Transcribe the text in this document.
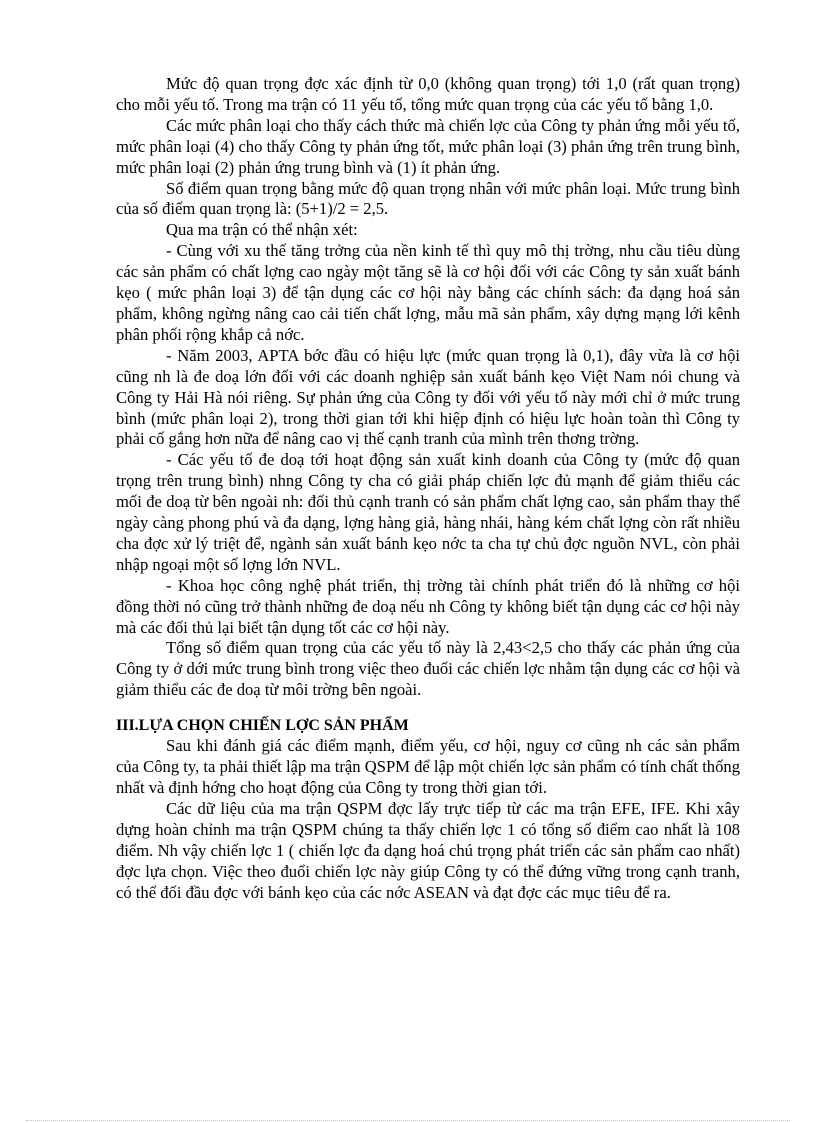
Mức độ quan trọng đợc xác định từ 0,0 (không quan trọng) tới 1,0 (rất quan trọng) cho mỗi yếu tố. Trong ma trận có 11 yếu tố, tổng mức quan trọng của các yếu tố bằng 1,0.

Các mức phân loại cho thấy cách thức mà chiến lợc của Công ty phản ứng mỗi yếu tố, mức phân loại (4) cho thấy Công ty phản ứng tốt, mức phân loại (3) phản ứng trên trung bình, mức phân loại (2) phản ứng trung bình và (1) ít phản ứng.

Số điểm quan trọng bằng mức độ quan trọng nhân với mức phân loại. Mức trung bình của số điểm quan trọng là: (5+1)/2 = 2,5.

Qua ma trận có thể nhận xét:

- Cùng với xu thế tăng trởng của nền kinh tế thì quy mô thị trờng, nhu cầu tiêu dùng các sản phẩm có chất lợng cao ngày một tăng sẽ là cơ hội đối với các Công ty sản xuất bánh kẹo ( mức phân loại 3) để tận dụng các cơ hội này bằng các chính sách: đa dạng hoá sản phẩm, không ngừng nâng cao cải tiến chất lợng, mẫu mã sản phẩm, xây dựng mạng lới kênh phân phối rộng khắp cả nớc.

- Năm 2003, APTA bớc đầu có hiệu lực (mức quan trọng là 0,1), đây vừa là cơ hội cũng nh là đe doạ lớn đối với các doanh nghiệp sản xuất bánh kẹo Việt Nam nói chung và Công ty Hải Hà nói riêng. Sự phản ứng của Công ty đối với yếu tố này mới chỉ ở mức trung bình (mức phân loại 2), trong thời gian tới khi hiệp định có hiệu lực hoàn toàn thì Công ty phải cố gắng hơn nữa để nâng cao vị thế cạnh tranh của mình trên thơng trờng.

- Các yếu tố đe doạ tới hoạt động sản xuất kinh doanh của Công ty (mức độ quan trọng trên trung bình) nhng Công ty cha có giải pháp chiến lợc đủ mạnh để giảm thiểu các mối đe doạ từ bên ngoài nh: đối thủ cạnh tranh có sản phẩm chất lợng cao, sản phẩm thay thế ngày càng phong phú và đa dạng, lợng hàng giả, hàng nhái, hàng kém chất lợng còn rất nhiều cha đợc xử lý triệt để, ngành sản xuất bánh kẹo nớc ta cha tự chủ đợc nguồn NVL, còn phải nhập ngoại một số lợng lớn NVL.

- Khoa học công nghệ phát triển, thị trờng tài chính phát triển đó là những cơ hội đồng thời nó cũng trở thành những đe doạ nếu nh Công ty không biết tận dụng các cơ hội này mà các đối thủ lại biết tận dụng tốt các cơ hội này.

Tổng số điểm quan trọng của các yếu tố này là 2,43<2,5 cho thấy các phản ứng của Công ty ở dới mức trung bình trong việc theo đuổi các chiến lợc nhằm tận dụng các cơ hội và giảm thiểu các đe doạ từ môi trờng bên ngoài.

III.LỰA CHỌN CHIẾN LỢC SẢN PHẨM

Sau khi đánh giá các điểm mạnh, điểm yếu, cơ hội, nguy cơ cũng nh các sản phẩm của Công ty, ta phải thiết lập ma trận QSPM để lập một chiến lợc sản phẩm có tính chất thống nhất và định hớng cho hoạt động của Công ty trong thời gian tới.

Các dữ liệu của ma trận QSPM đợc lấy trực tiếp từ các ma trận EFE, IFE. Khi xây dựng hoàn chỉnh ma trận QSPM chúng ta thấy chiến lợc 1 có tổng số điểm cao nhất là 108 điểm. Nh vậy chiến lợc 1 ( chiến lợc đa dạng hoá chú trọng phát triển các sản phẩm cao nhất) đợc lựa chọn. Việc theo đuổi chiến lợc này giúp Công ty có thể đứng vững trong cạnh tranh, có thể đối đầu đợc với bánh kẹo của các nớc ASEAN và đạt đợc các mục tiêu để ra.
